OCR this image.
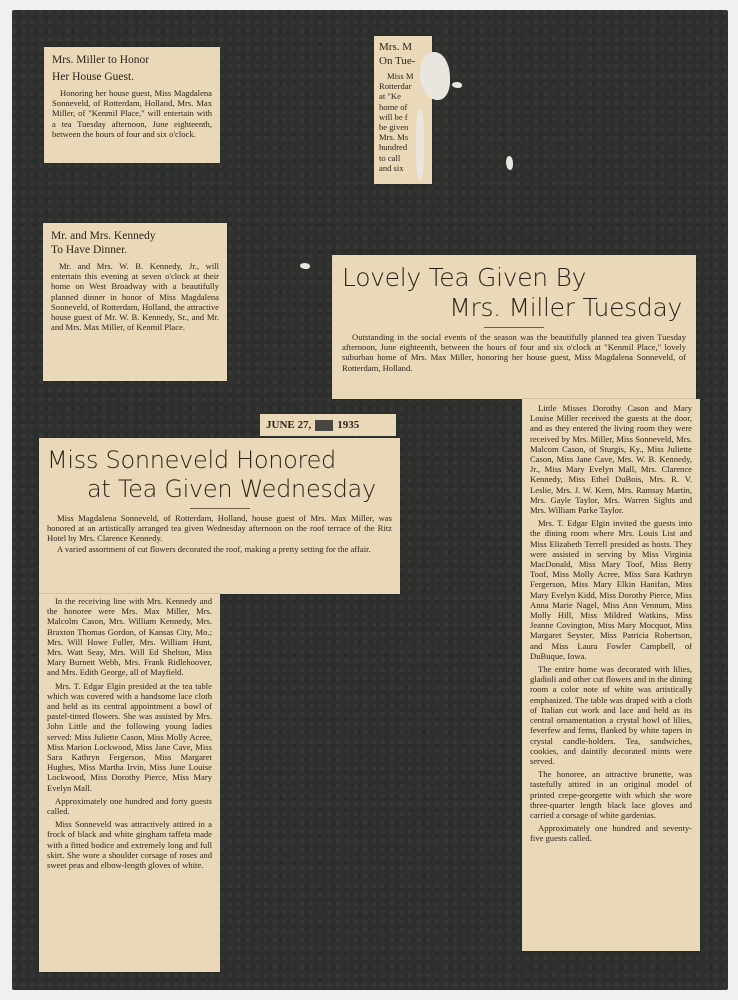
Mrs. Miller to Honor
Her House Guest.
Honoring her house guest, Miss Magdalena Sonneveld, of Rotterdam, Holland, Mrs. Max Miller, of "Kenmil Place," will entertain with a tea Tuesday afternoon, June eighteenth, between the hours of four and six o'clock.
Mrs. M
On Tue-
Miss M
Rotterdar
at "Ke
home of
will be f
be given
Mrs. Ms
hundred
to call
and six
Mr. and Mrs. Kennedy
To Have Dinner.
Mr. and Mrs. W. B. Kennedy, Jr., will entertain this evening at seven o'clock at their home on West Broadway with a beautifully planned dinner in honor of Miss Magdalena Sonneveld, of Rotterdam, Holland, the attractive house guest of Mr. W. B. Kennedy, Sr., and Mr. and Mrs. Max Miller, of Kenmil Place.
Lovely Tea Given By
Mrs. Miller Tuesday
Outstanding in the social events of the season was the beautifully planned tea given Tuesday afternoon, June eighteenth, between the hours of four and six o'clock at "Kenmil Place," lovely suburban home of Mrs. Max Miller, honoring her house guest, Miss Magdalena Sonneveld, of Rotterdam, Holland.

Little Misses Dorothy Cason and Mary Louise Miller received the guests at the door, and as they entered the living room they were received by Mrs. Miller, Miss Sonneveld, Mrs. Malcom Cason, of Sturgis, Ky., Miss Juliette Cason, Miss Jane Cave, Mrs. W. B. Kennedy, Jr., Miss Mary Evelyn Mall, Mrs. Clarence Kennedy, Miss Ethel DuBois, Mrs. R. V. Leslie, Mrs. J. W. Kern, Mrs. Ramsay Martin, Mrs. Gayle Taylor, Mrs. Warren Sights and Mrs. William Parke Taylor.

Mrs. T. Edgar Elgin invited the guests into the dining room where Mrs. Louis List and Miss Elizabeth Terrell presided as hosts. They were assisted in serving by Miss Virginia MacDonald, Miss Mary Toof, Miss Betty Toof, Miss Molly Acree, Miss Sara Kathryn Fergerson, Miss Mary Elkin Hanifan, Miss Mary Evelyn Kidd, Miss Dorothy Pierce, Miss Anna Marie Nagel, Miss Ann Vennum, Miss Molly Hill, Miss Mildred Watkins, Miss Jeanne Covington, Miss Mary Mocquot, Miss Margaret Seyster, Miss Patricia Robertson, and Miss Laura Fowler Campbell, of DuBuque, Iowa.

The entire home was decorated with lilies, gladioli and other cut flowers and in the dining room a color note of white was artistically emphasized. The table was draped with a cloth of Italian cut work and lace and held as its central ornamentation a crystal bowl of lilies, feverfew and ferns, flanked by white tapers in crystal candle-holders. Tea, sandwiches, cookies, and daintily decorated mints were served.

The honoree, an attractive brunette, was tastefully attired in an original model of printed crepe-georgette with which she wore three-quarter length black lace gloves and carried a corsage of white gardenias.

Approximately one hundred and seventy-five guests called.

JUNE 27, 1935
Miss Sonneveld Honored
at Tea Given Wednesday
Miss Magdalena Sonneveld, of Rotterdam, Holland, house guest of Mrs. Max Miller, was honored at an artistically arranged tea given Wednesday afternoon on the roof terrace of the Ritz Hotel by Mrs. Clarence Kennedy.
A varied assortment of cut flowers decorated the roof, making a pretty setting for the affair.

In the receiving line with Mrs. Kennedy and the honoree were Mrs. Max Miller, Mrs. Malcolm Cason, Mrs. William Kennedy, Mrs. Braxton Thomas Gordon, of Kansas City, Mo.; Mrs. Will Howe Fuller, Mrs. William Hunt, Mrs. Watt Seay, Mrs. Will Ed Shelton, Miss Mary Burnett Webb, Mrs. Frank Ridlehoover, and Mrs. Edith George, all of Mayfield.

Mrs. T. Edgar Elgin presided at the tea table which was covered with a handsome lace cloth and held as its central appointment a bowl of pastel-tinted flowers. She was assisted by Mrs. John Little and the following young ladies served: Miss Juliette Cason, Miss Molly Acree, Miss Marion Lockwood, Miss Jane Cave, Miss Sara Kathryn Fergerson, Miss Margaret Hughes, Miss Martha Irvin, Miss June Louise Lockwood, Miss Dorothy Pierce, Miss Mary Evelyn Mall.

Approximately one hundred and forty guests called.

Miss Sonneveld was attractively attired in a frock of black and white gingham taffeta made with a fitted bodice and extremely long and full skirt. She wore a shoulder corsage of roses and sweet peas and elbow-length gloves of white.
